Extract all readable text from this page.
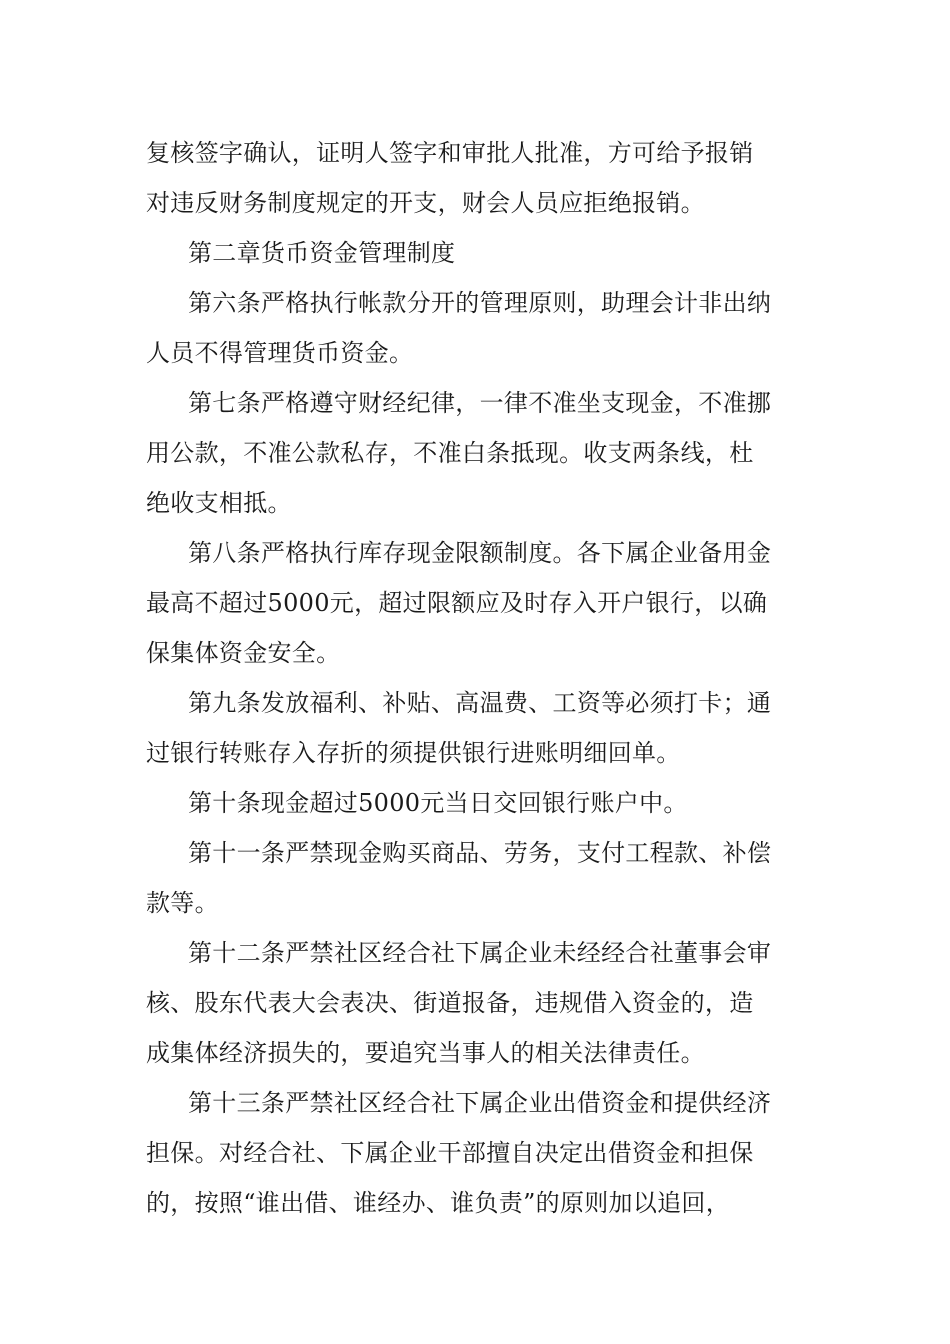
复核签字确认，证明人签字和审批人批准，方可给予报销
对违反财务制度规定的开支，财会人员应拒绝报销。
第二章货币资金管理制度
第六条严格执行帐款分开的管理原则，助理会计非出纳
人员不得管理货币资金。
第七条严格遵守财经纪律，一律不准坐支现金，不准挪
用公款，不准公款私存，不准白条抵现。收支两条线，杜
绝收支相抵。
第八条严格执行库存现金限额制度。各下属企业备用金
最高不超过5000元，超过限额应及时存入开户银行，以确
保集体资金安全。
第九条发放福利、补贴、高温费、工资等必须打卡；通
过银行转账存入存折的须提供银行进账明细回单。
第十条现金超过5000元当日交回银行账户中。
第十一条严禁现金购买商品、劳务，支付工程款、补偿
款等。
第十二条严禁社区经合社下属企业未经经合社董事会审
核、股东代表大会表决、街道报备，违规借入资金的，造
成集体经济损失的，要追究当事人的相关法律责任。
第十三条严禁社区经合社下属企业出借资金和提供经济
担保。对经合社、下属企业干部擅自决定出借资金和担保
的，按照“谁出借、谁经办、谁负责”的原则加以追回，
